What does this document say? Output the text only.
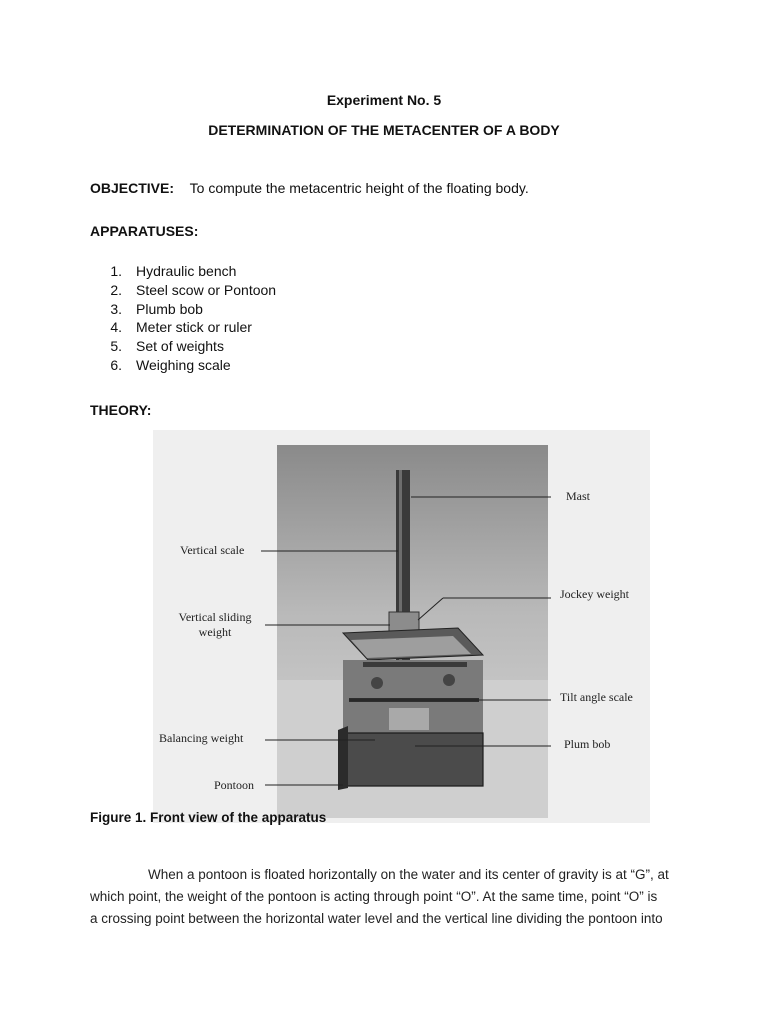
Experiment No. 5
DETERMINATION OF THE METACENTER OF A BODY
OBJECTIVE: To compute the metacentric height of the floating body.
APPARATUSES:
1. Hydraulic bench
2. Steel scow or Pontoon
3. Plumb bob
4. Meter stick or ruler
5. Set of weights
6. Weighing scale
THEORY:
Mast
Vertical scale
Jockey weight
Vertical sliding
weight
Tilt angle scale
Balancing weight	Plum bob
Pontoon
Figure 1. Front view of the apparatus

When a pontoon is floated horizontally on the water and its center of gravity is at “G”, at

which point, the weight of the pontoon is acting through point “O”. At the same time, point “O” is

a crossing point between the horizontal water level and the vertical line dividing the pontoon into
